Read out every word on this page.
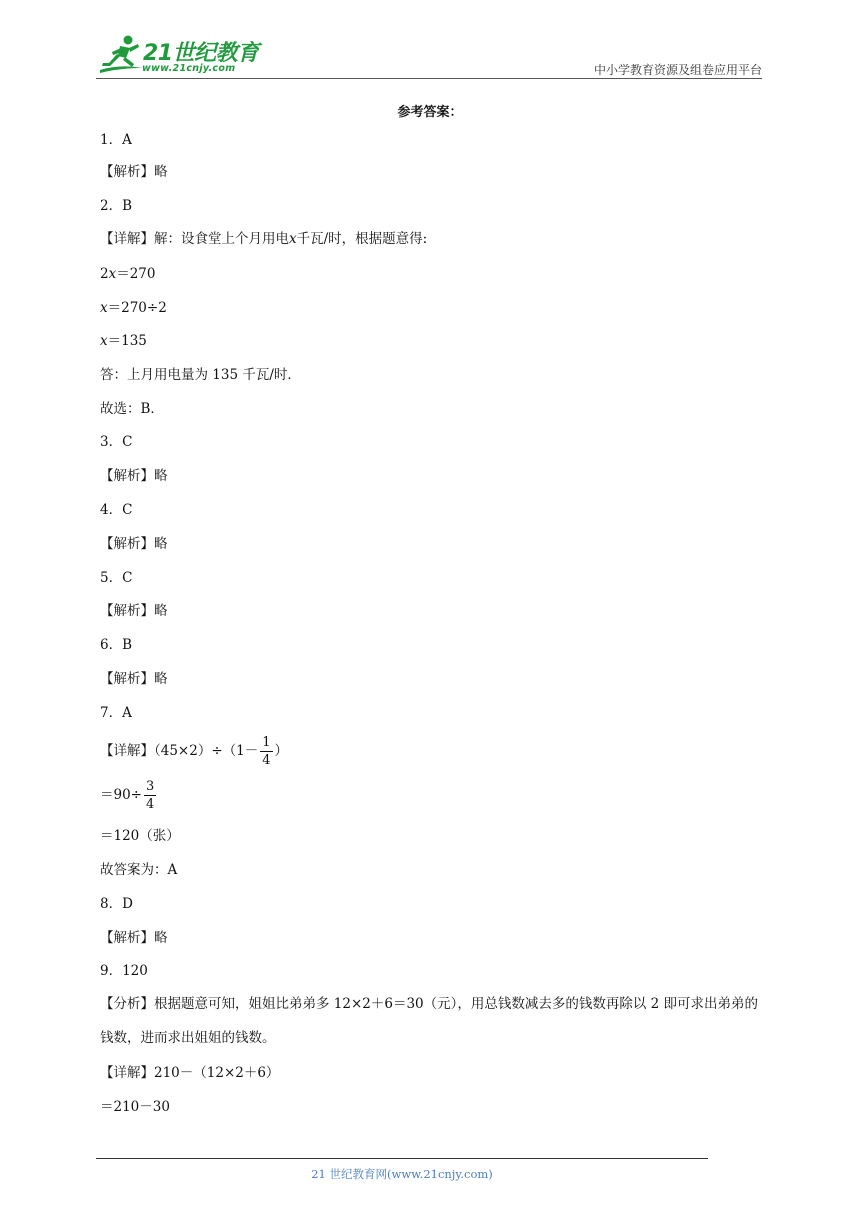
21世纪教育
www.21cnjy.com	中小学教育资源及组卷应用平台
参考答案：
1．A
【解析】略
2．B
【详解】解：设食堂上个月用电x千瓦/时，根据题意得:
2x＝270
x＝270÷2
x＝135
答：上月用电量为 135 千瓦/时．
故选：B．
3．C
【解析】略
4．C
【解析】略
5．C
【解析】略
6．B
【解析】略
7．A
【详解】$(45\times 2)\div(1- \frac{1}{4}$ ）
$=90\div \frac{3}{4}$
＝120（张）
故答案为：A
8．D
【解析】略
9．120
【分析】根据题意可知，姐姐比弟弟多 12×2＋6＝30（元），用总钱数减去多的钱数再除以 2 即可求出弟弟的钱数，进而求出姐姐的钱数。
【详解】210－（12×2＋6）
＝210－30
21 世纪教育网(www.21cnjy.com)
